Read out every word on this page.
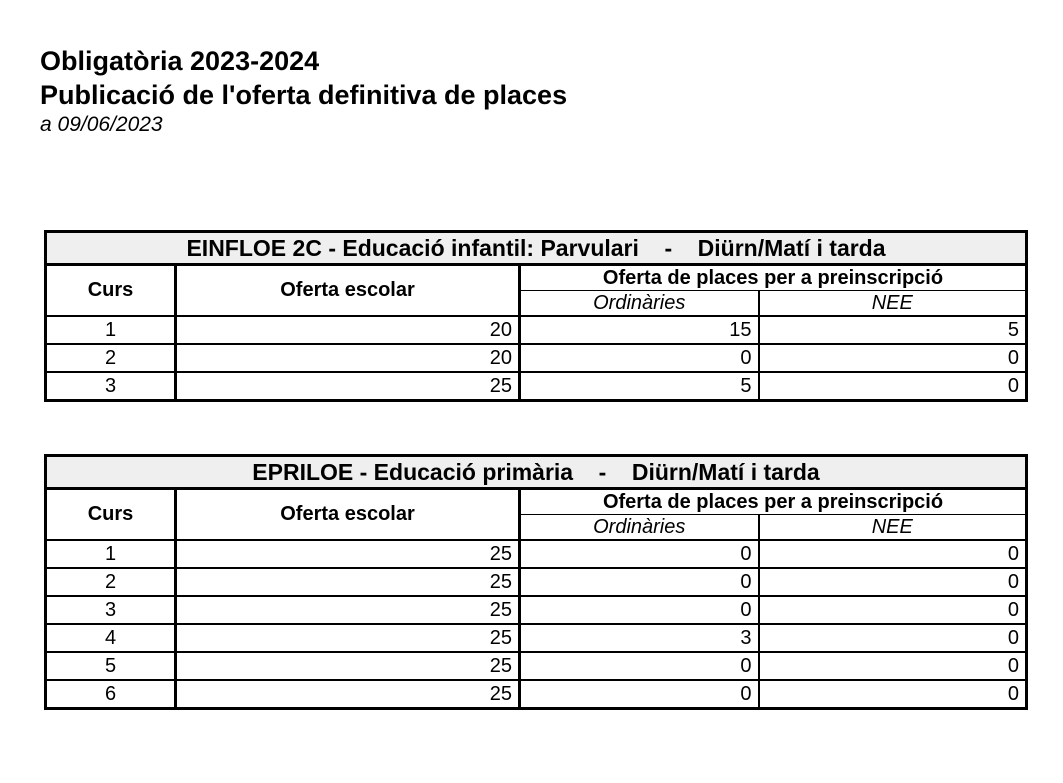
Obligatòria 2023-2024

Publicació de l'oferta definitiva de places

a 09/06/2023

EINFLOE 2C - Educació infantil: Parvulari    -    Diürn/Matí i tarda			
Curs	Oferta escolar	Oferta de places per a preinscripció	
		Ordinàries	NEE
1	20	15	5
2	20	0	0
3	25	5	0
EPRILOE - Educació primària    -    Diürn/Matí i tarda			
Curs	Oferta escolar	Oferta de places per a preinscripció	
		Ordinàries	NEE
1	25	0	0
2	25	0	0
3	25	0	0
4	25	3	0
5	25	0	0
6	25	0	0
